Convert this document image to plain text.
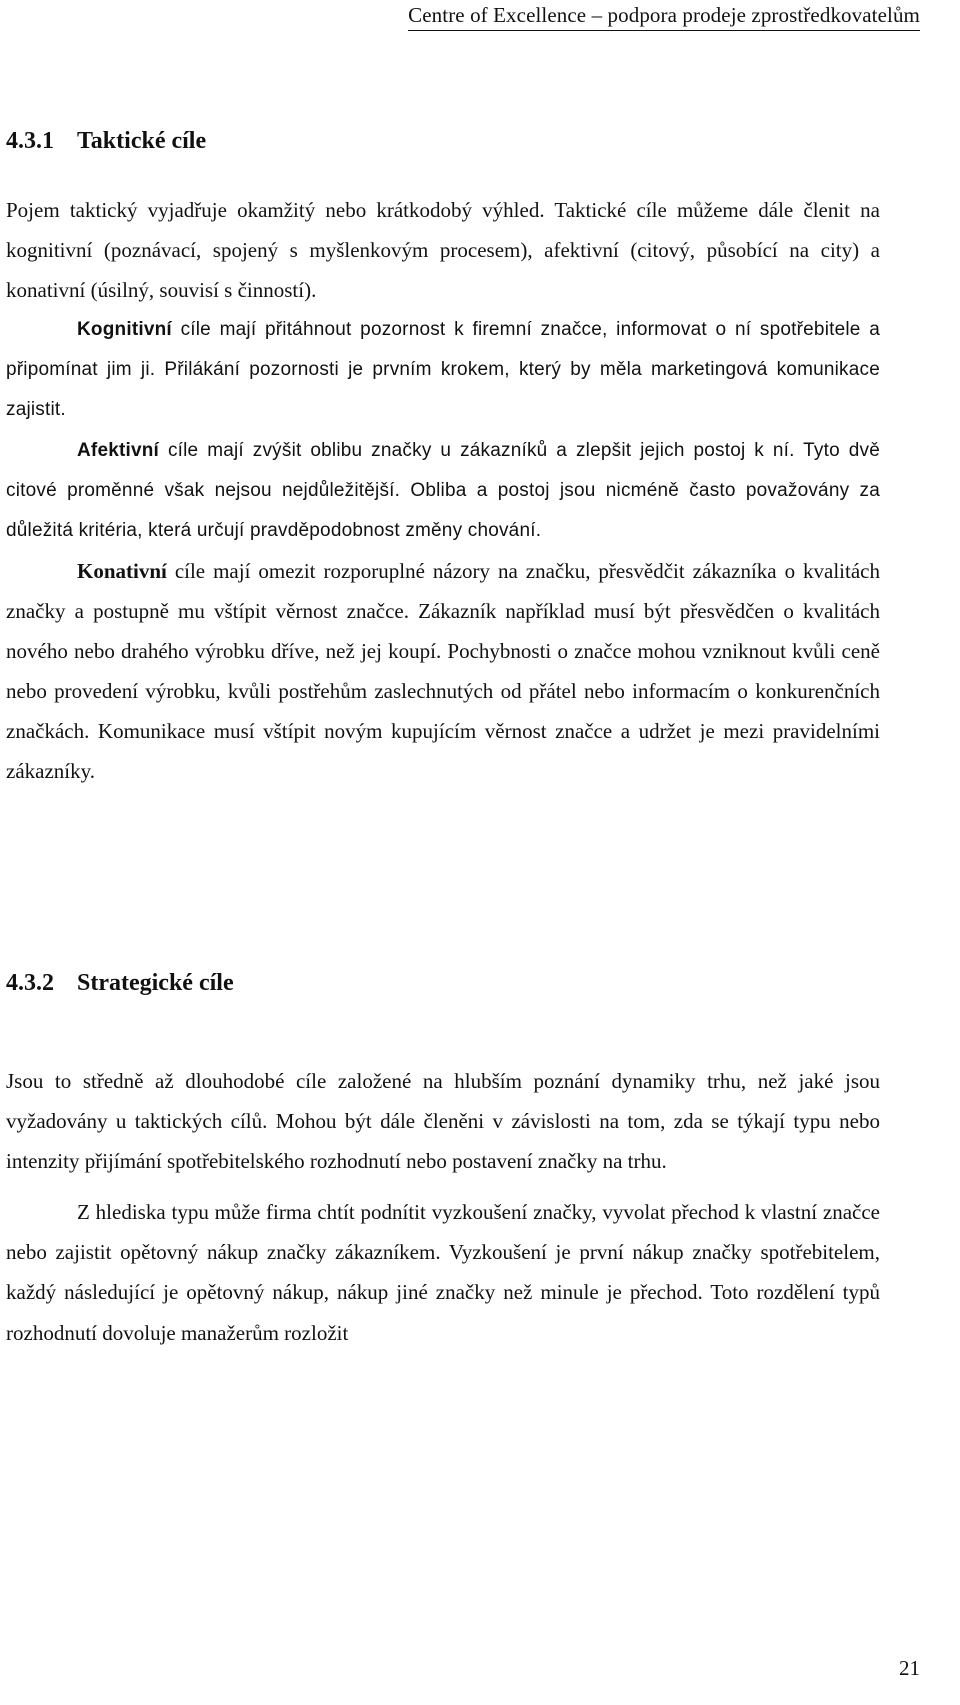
Centre of Excellence – podpora prodeje zprostředkovatelům
4.3.1 Taktické cíle

Pojem taktický vyjadřuje okamžitý nebo krátkodobý výhled. Taktické cíle můžeme dále členit na kognitivní (poznávací, spojený s myšlenkovým procesem), afektivní (citový, působící na city) a konativní (úsilný, souvisí s činností).

Kognitivní cíle mají přitáhnout pozornost k firemní značce, informovat o ní spotřebitele a připomínat jim ji. Přilákání pozornosti je prvním krokem, který by měla marketingová komunikace zajistit.

Afektivní cíle mají zvýšit oblibu značky u zákazníků a zlepšit jejich postoj k ní. Tyto dvě citové proměnné však nejsou nejdůležitější. Obliba a postoj jsou nicméně často považovány za důležitá kritéria, která určují pravděpodobnost změny chování.

Konativní cíle mají omezit rozporuplné názory na značku, přesvědčit zákazníka o kvalitách značky a postupně mu vštípit věrnost značce. Zákazník například musí být přesvědčen o kvalitách nového nebo drahého výrobku dříve, než jej koupí. Pochybnosti o značce mohou vzniknout kvůli ceně nebo provedení výrobku, kvůli postřehům zaslechnutých od přátel nebo informacím o konkurenčních značkách. Komunikace musí vštípit novým kupujícím věrnost značce a udržet je mezi pravidelními zákazníky.

4.3.2 Strategické cíle

Jsou to středně až dlouhodobé cíle založené na hlubším poznání dynamiky trhu, než jaké jsou vyžadovány u taktických cílů. Mohou být dále členěni v závislosti na tom, zda se týkají typu nebo intenzity přijímání spotřebitelského rozhodnutí nebo postavení značky na trhu.

Z hlediska typu může firma chtít podnítit vyzkoušení značky, vyvolat přechod k vlastní značce nebo zajistit opětovný nákup značky zákazníkem. Vyzkoušení je první nákup značky spotřebitelem, každý následující je opětovný nákup, nákup jiné značky než minule je přechod. Toto rozdělení typů rozhodnutí dovoluje manažerům rozložit

21
